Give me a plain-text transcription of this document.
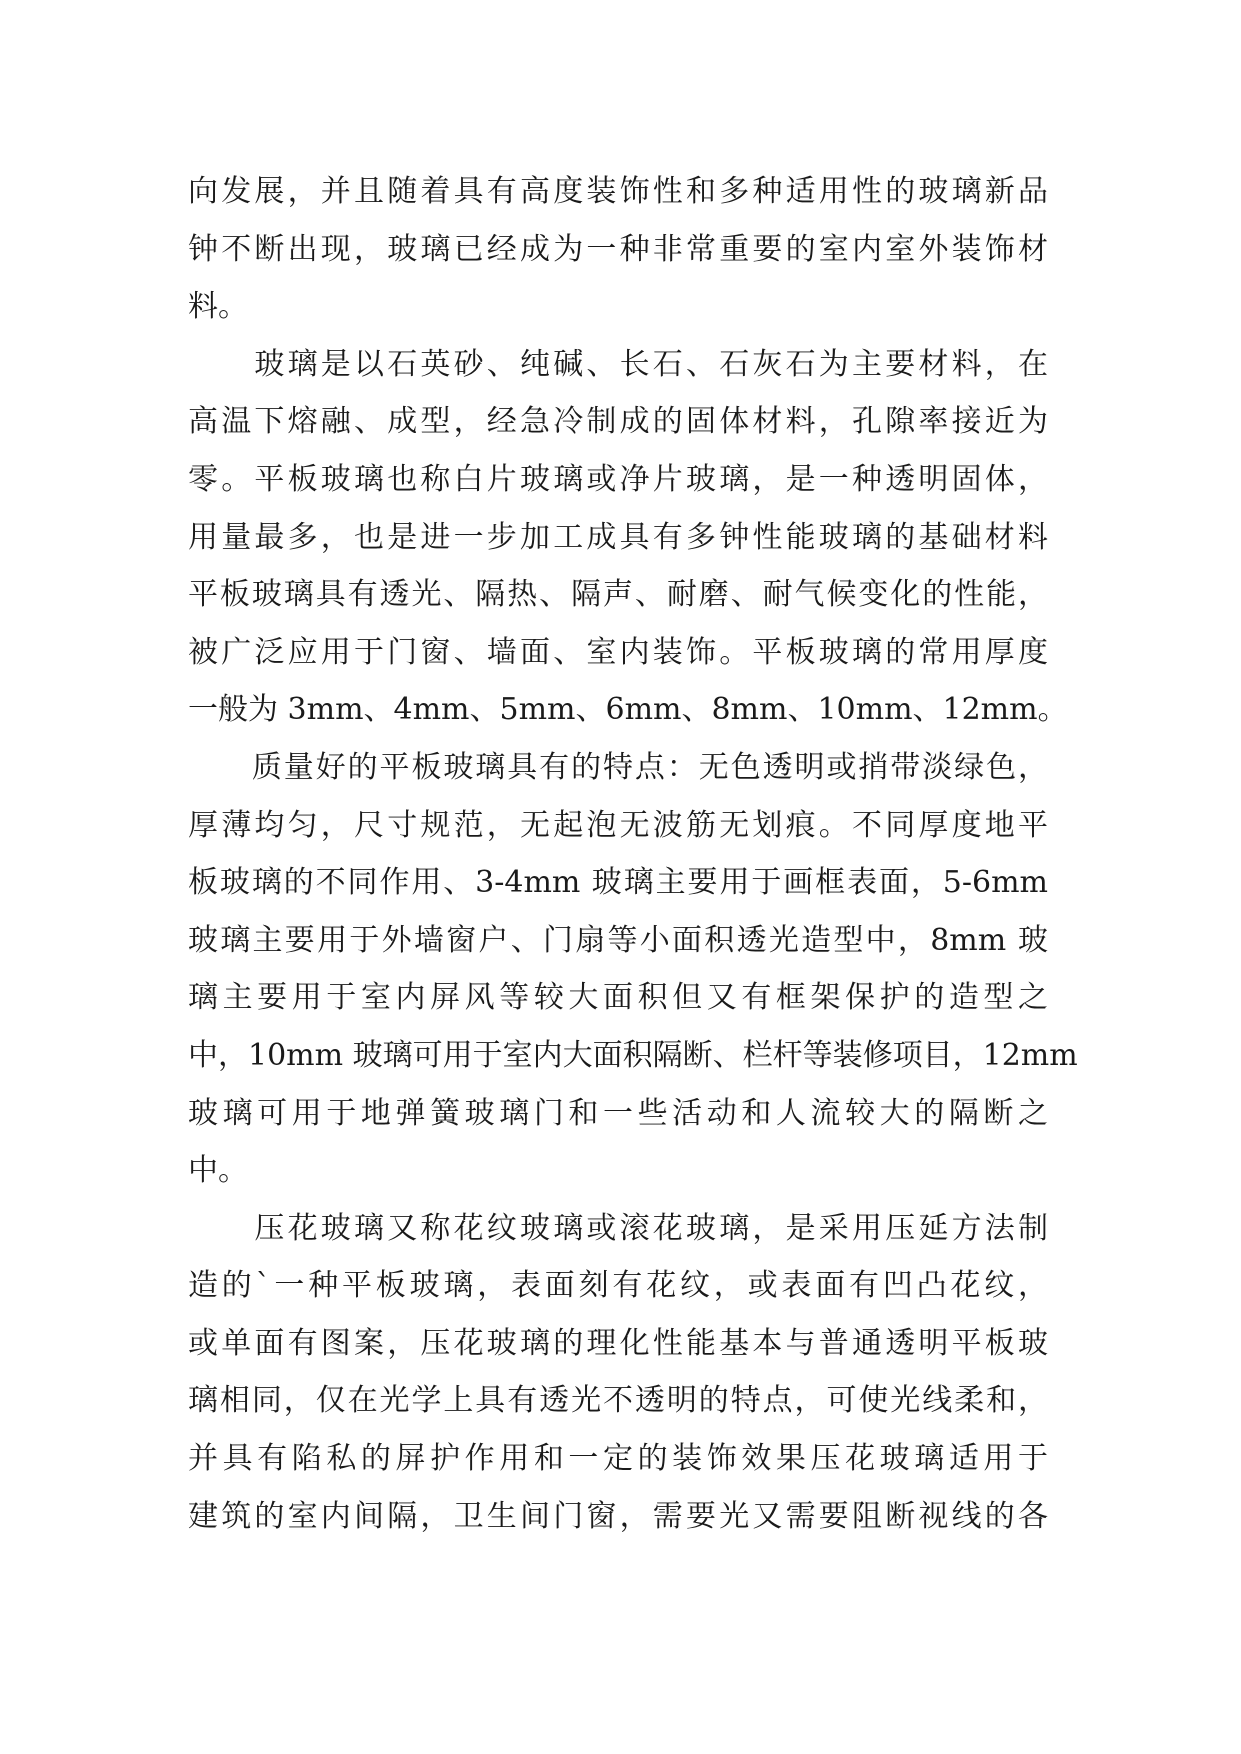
向发展，并且随着具有高度装饰性和多种适用性的玻璃新品
钟不断出现，玻璃已经成为一种非常重要的室内室外装饰材
料。
　　玻璃是以石英砂、纯碱、长石、石灰石为主要材料，在
高温下熔融、成型，经急冷制成的固体材料，孔隙率接近为
零。平板玻璃也称白片玻璃或净片玻璃，是一种透明固体，
用量最多，也是进一步加工成具有多钟性能玻璃的基础材料
平板玻璃具有透光、隔热、隔声、耐磨、耐气候变化的性能，
被广泛应用于门窗、墙面、室内装饰。平板玻璃的常用厚度
一般为 3mm、4mm、5mm、6mm、8mm、10mm、12mm。
　　质量好的平板玻璃具有的特点：无色透明或捎带淡绿色，
厚薄均匀，尺寸规范，无起泡无波筋无划痕。不同厚度地平
板玻璃的不同作用、3-4mm 玻璃主要用于画框表面，5-6mm
玻璃主要用于外墙窗户、门扇等小面积透光造型中，8mm 玻
璃主要用于室内屏风等较大面积但又有框架保护的造型之
中，10mm 玻璃可用于室内大面积隔断、栏杆等装修项目，12mm
玻璃可用于地弹簧玻璃门和一些活动和人流较大的隔断之
中。
　　压花玻璃又称花纹玻璃或滚花玻璃，是采用压延方法制
造的`一种平板玻璃，表面刻有花纹，或表面有凹凸花纹，
或单面有图案，压花玻璃的理化性能基本与普通透明平板玻
璃相同，仅在光学上具有透光不透明的特点，可使光线柔和，
并具有陷私的屏护作用和一定的装饰效果压花玻璃适用于
建筑的室内间隔，卫生间门窗，需要光又需要阻断视线的各
